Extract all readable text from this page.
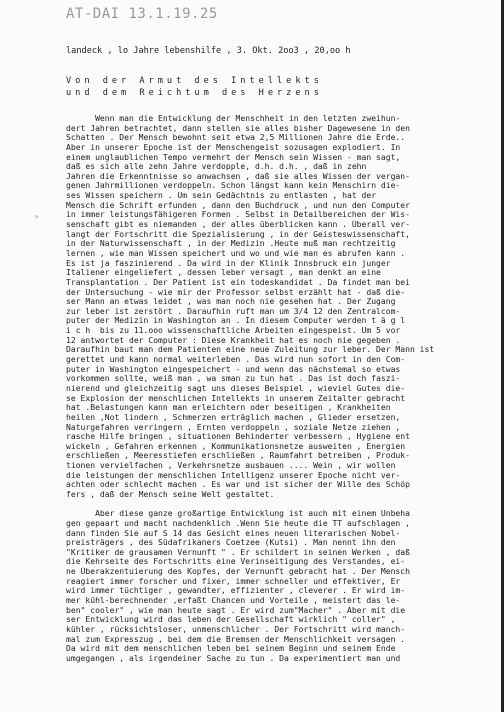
AT-DAI 13.1.19.25
landeck , lo Jahre lebenshilfe , 3. Okt. 2oo3 , 20,oo h
Von der Armut des Intellekts
und dem Reichtum des Herzens
»
Wenn man die Entwicklung der Menschheit in den letzten zweihun-
dert Jahren betrachtet, dann stellen sie alles bisher Dagewesene in den
Schatten . Der Mensch bewohnt seit etwa 2,5 Millionen Jahre die Erde..
Aber in unserer Epoche ist der Menschengeist sozusagen explodiert. In
einem unglaublichen Tempo vermehrt der Mensch sein Wissen - man sagt,
daß es sich alle zehn Jahre verdopple, d.h. d.h. , daß in zehn
Jahren die Erkenntnisse so anwachsen , daß sie alles Wissen der vergan-
genen Jahrmillionen verdoppeln. Schon längst kann kein Menschirn die-
ses Wissen speichern . Um sein Gedächtnis zu entlasten , hat der
Mensch die Schrift erfunden , dann den Buchdruck , und nun den Computer
in immer leistungsfähigeren Formen . Selbst in Detailbereichen der Wis-
senschaft gibt es niemanden , der alles überblicken kann . Überall ver-
langt der Fortschritt die Spezialisierung , in der Geisteswissenschaft,
in der Naturwissenschaft , in der Medizin .Heute muß man rechtzeitig
lernen , wie man Wissen speichert und wo und wie man es abrufen kann .
Es ist ja faszinierend . Da wird in der Klinik Innsbruck ein junger
Italiener eingeliefert , dessen leber versagt , man denkt an eine
Transplantation . Der Patient ist ein todeskandidat . Da findet man bei
der Untersuchung - wie mir der Professor selbst erzählt hat - daß die-
ser Mann an etwas leidet , was man noch nie gesehen hat . Der Zugang
zur leber ist zerstört . Daraufhin ruft man um 3/4 12 den Zentralcom-
puter der Medizin in Washington an . In diesem Computer werden t ä g l
i c h  bis zu 11.ooo wissenschaftliche Arbeiten eingespeist. Um 5 vor
12 antwortet der Computer : Diese Krankheit hat es noch nie gegeben .
Daraufhin baut man dem Patienten eine neue Zuleitung zur leber. Der Mann ist
gerettet und kann normal weiterleben . Das wird nun sofort in den Com-
puter in Washington eingespeichert - und wenn das nächstemal so etwas
vorkommen sollte, weiß man , wa sman zu tun hat . Das ist doch faszi-
nierend und gleichzeitig sagt uns dieses Beispiel , wieviel Gutes die-
se Explosion der menschlichen Intellekts in unserem Zeitalter gebracht
hat .Belastungen kann man erleichtern oder beseitigen , Krankheiten
heilen ,Not lindern , Schmerzen erträglich machen , Glieder ersetzen,
Naturgefahren verringern , Ernten verdoppeln , soziale Netze ziehen ,
rasche Hilfe bringen , situationen Behinderter verbessern , Hygiene ent
wickeln , Gefahren erkennen , Kommunikationsnetze ausweiten , Energien
erschließen , Meeresstiefen erschließen , Raumfahrt betreiben , Produk-
tionen vervielfachen , Verkehrsnetze ausbauen .... Wein , wir wollen
die leistungen der menschlichen Intelligenz unserer Epoche nicht ver-
achten oder schlecht machen . Es war und ist sicher der Wille des Schöp
fers , daß der Mensch seine Welt gestaltet.
Aber diese ganze großartige Entwicklung ist auch mit einem Unbeha
gen gepaart und macht nachdenklich .Wenn Sie heute die TT aufschlagen ,
dann finden Sie auf S 14 das Gesicht eines neuen literarischen Nobel-
preisträgers , des Südafrikaners Coetzee (Kutsi) . Man nennt ihn den
"Kritiker de grausamen Vernunft " . Er schildert in seinen Werken , daß
die Kehrseite des Fortschritts eine Verinseitigung des Verstandes, ei-
ne Überakzentuierung des Kopfes, der Vernunft gebracht hat . Der Mensch
reagiert immer forscher und fixer, immer schneller und effektiver, Er
wird immer tüchtiger , gewandter, effizienter , cleverer . Er wird im-
mer kühl-berechnender ,erfaßt Chancen und Vorteile , meistert das le-
ben" cooler" , wie man heute sagt . Er wird zum"Macher" . Aber mit die
ser Entwicklung wird das leben der Gesellschaft wirklich " coller" ,
kühler , rücksichtsloser, unmenschlicher . Der Fortschritt wird manch-
mal zum Expresszug , bei dem die Bremsen der Menschlichkeit versagen .
Da wird mit dem menschlichen leben bei seinem Beginn und seinem Ende
umgegangen , als irgendeiner Sache zu tun . Da experimentiert man und
